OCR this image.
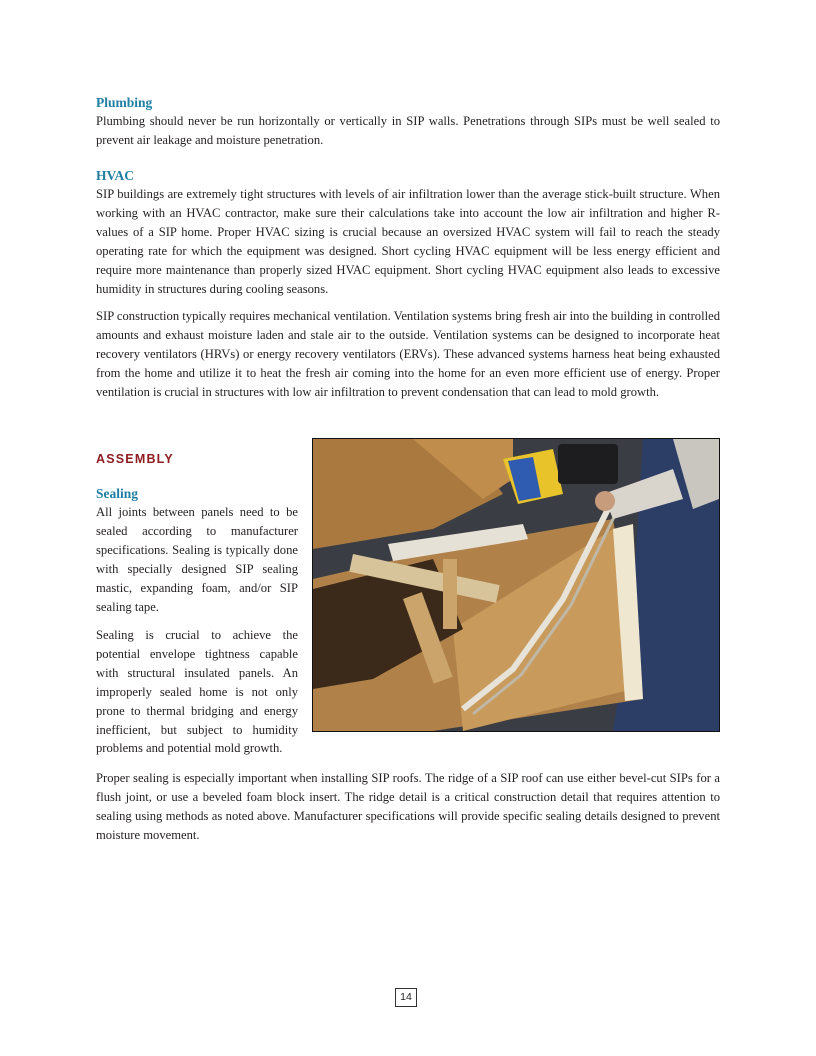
Plumbing

Plumbing should never be run horizontally or vertically in SIP walls. Penetrations through SIPs must be well sealed to prevent air leakage and moisture penetration.

HVAC

SIP buildings are extremely tight structures with levels of air infiltration lower than the average stick-built structure. When working with an HVAC contractor, make sure their calculations take into account the low air infiltration and higher R-values of a SIP home. Proper HVAC sizing is crucial because an oversized HVAC system will fail to reach the steady operating rate for which the equipment was designed. Short cycling HVAC equipment will be less energy efficient and require more maintenance than properly sized HVAC equipment. Short cycling HVAC equipment also leads to excessive humidity in structures during cooling seasons.

SIP construction typically requires mechanical ventilation. Ventilation systems bring fresh air into the building in controlled amounts and exhaust moisture laden and stale air to the outside. Ventilation systems can be designed to incorporate heat recovery ventilators (HRVs) or energy recovery ventilators (ERVs). These advanced systems harness heat being exhausted from the home and utilize it to heat the fresh air coming into the home for an even more efficient use of energy. Proper ventilation is crucial in structures with low air infiltration to prevent condensation that can lead to mold growth.

ASSEMBLY
Sealing

All joints between panels need to be sealed according to manufacturer specifications. Sealing is typically done with specially designed SIP sealing mastic, expanding foam, and/or SIP sealing tape.

Sealing is crucial to achieve the potential envelope tightness capable with structural insulated panels. An improperly sealed home is not only prone to thermal bridging and energy inefficient, but subject to humidity problems and potential mold growth.

Proper sealing is especially important when installing SIP roofs. The ridge of a SIP roof can use either bevel-cut SIPs for a flush joint, or use a beveled foam block insert. The ridge detail is a critical construction detail that requires attention to sealing using methods as noted above. Manufacturer specifications will provide specific sealing details designed to prevent moisture movement.

14
